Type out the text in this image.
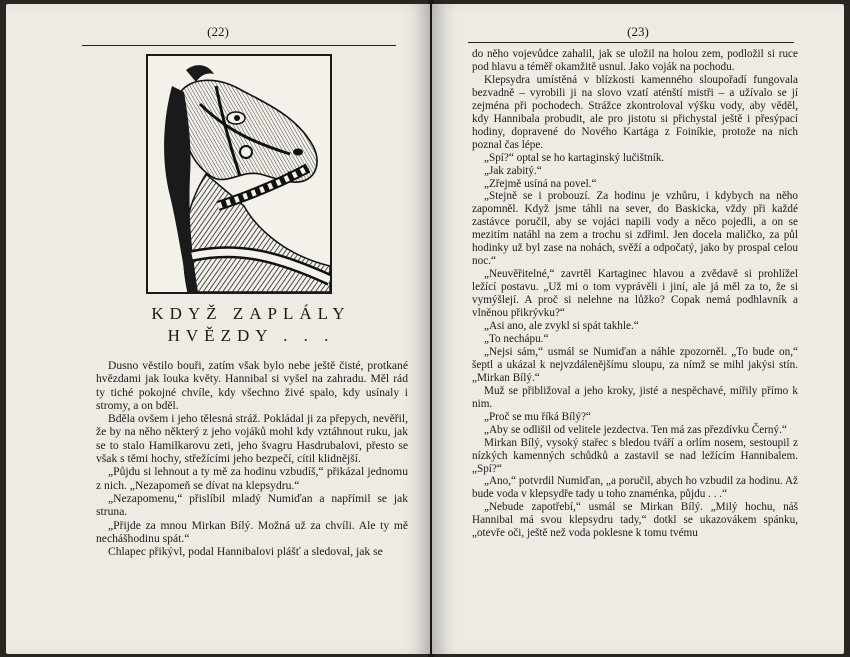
(22)
KDYŽ ZAPLÁLY
HVĚZDY . . .

Dusno věstilo bouři, zatím však bylo nebe ještě čisté, protkané hvězdami jak louka květy. Hannibal si vyšel na zahradu. Měl rád ty tiché pokojné chvíle, kdy všechno živé spalo, kdy usínaly i stromy, a on bděl.

Bděla ovšem i jeho tělesná stráž. Pokládal ji za přepych, nevěřil, že by na něho některý z jeho vojáků mohl kdy vztáhnout ruku, jak se to stalo Hamilkarovu zeti, jeho švagru Hasdrubalovi, přesto se však s těmi hochy, střežícími jeho bezpečí, cítil klidnější.

„Půjdu si lehnout a ty mě za hodinu vzbudíš,“ přikázal jednomu z nich. „Nezapomeň se dívat na klepsydru.“

„Nezapomenu,“ přislíbil mladý Numiďan a napřímil se jak struna.

„Přijde za mnou Mirkan Bílý. Možná už za chvíli. Ale ty mě nechášhodinu spát.“

Chlapec přikývl, podal Hannibalovi plášť a sledoval, jak se

(23)

do něho vojevůdce zahalil, jak se uložil na holou zem, podložil si ruce pod hlavu a téměř okamžitě usnul. Jako voják na pochodu.

Klepsydra umístěná v blízkosti kamenného sloupořadí fungovala bezvadně – vyrobili ji na slovo vzatí aténští mistři – a užívalo se jí zejména při pochodech. Strážce zkontroloval výšku vody, aby věděl, kdy Hannibala probudit, ale pro jistotu si přichystal ještě i přesýpací hodiny, dopravené do Nového Kartága z Foiníkie, protože na nich poznal čas lépe.

„Spí?“ optal se ho kartaginský lučištník.

„Jak zabitý.“

„Zřejmě usíná na povel.“

„Stejně se i probouzí. Za hodinu je vzhůru, i kdybych na něho zapomněl. Když jsme táhli na sever, do Baskicka, vždy při každé zastávce poručil, aby se vojáci napili vody a něco pojedli, a on se mezitím natáhl na zem a trochu si zdřiml. Jen docela maličko, za půl hodinky už byl zase na nohách, svěží a odpočatý, jako by prospal celou noc.“

„Neuvěřitelné,“ zavrtěl Kartaginec hlavou a zvědavě si prohlížel ležící postavu. „Už mi o tom vyprávěli i jiní, ale já měl za to, že si vymýšlejí. A proč si nelehne na lůžko? Copak nemá podhlavník a vlněnou přikrývku?“

„Asi ano, ale zvykl si spát takhle.“

„To nechápu.“

„Nejsi sám,“ usmál se Numiďan a náhle zpozorněl. „To bude on,“ šeptl a ukázal k nejvzdálenějšímu sloupu, za nímž se mihl jakýsi stín. „Mirkan Bílý.“

Muž se přibližoval a jeho kroky, jisté a nespěchavé, mířily přímo k nim.

„Proč se mu říká Bílý?“

„Aby se odlišil od velitele jezdectva. Ten má zas přezdívku Černý.“

Mirkan Bílý, vysoký stařec s bledou tváří a orlím nosem, sestoupil z nízkých kamenných schůdků a zastavil se nad ležícím Hannibalem. „Spí?“

„Ano,“ potvrdil Numiďan, „a poručil, abych ho vzbudil za hodinu. Až bude voda v klepsydře tady u toho znaménka, půjdu . . .“

„Nebude zapotřebí,“ usmál se Mirkan Bílý. „Milý hochu, náš Hannibal má svou klepsydru tady,“ dotkl se ukazovákem spánku, „otevře oči, ještě než voda poklesne k tomu tvému
